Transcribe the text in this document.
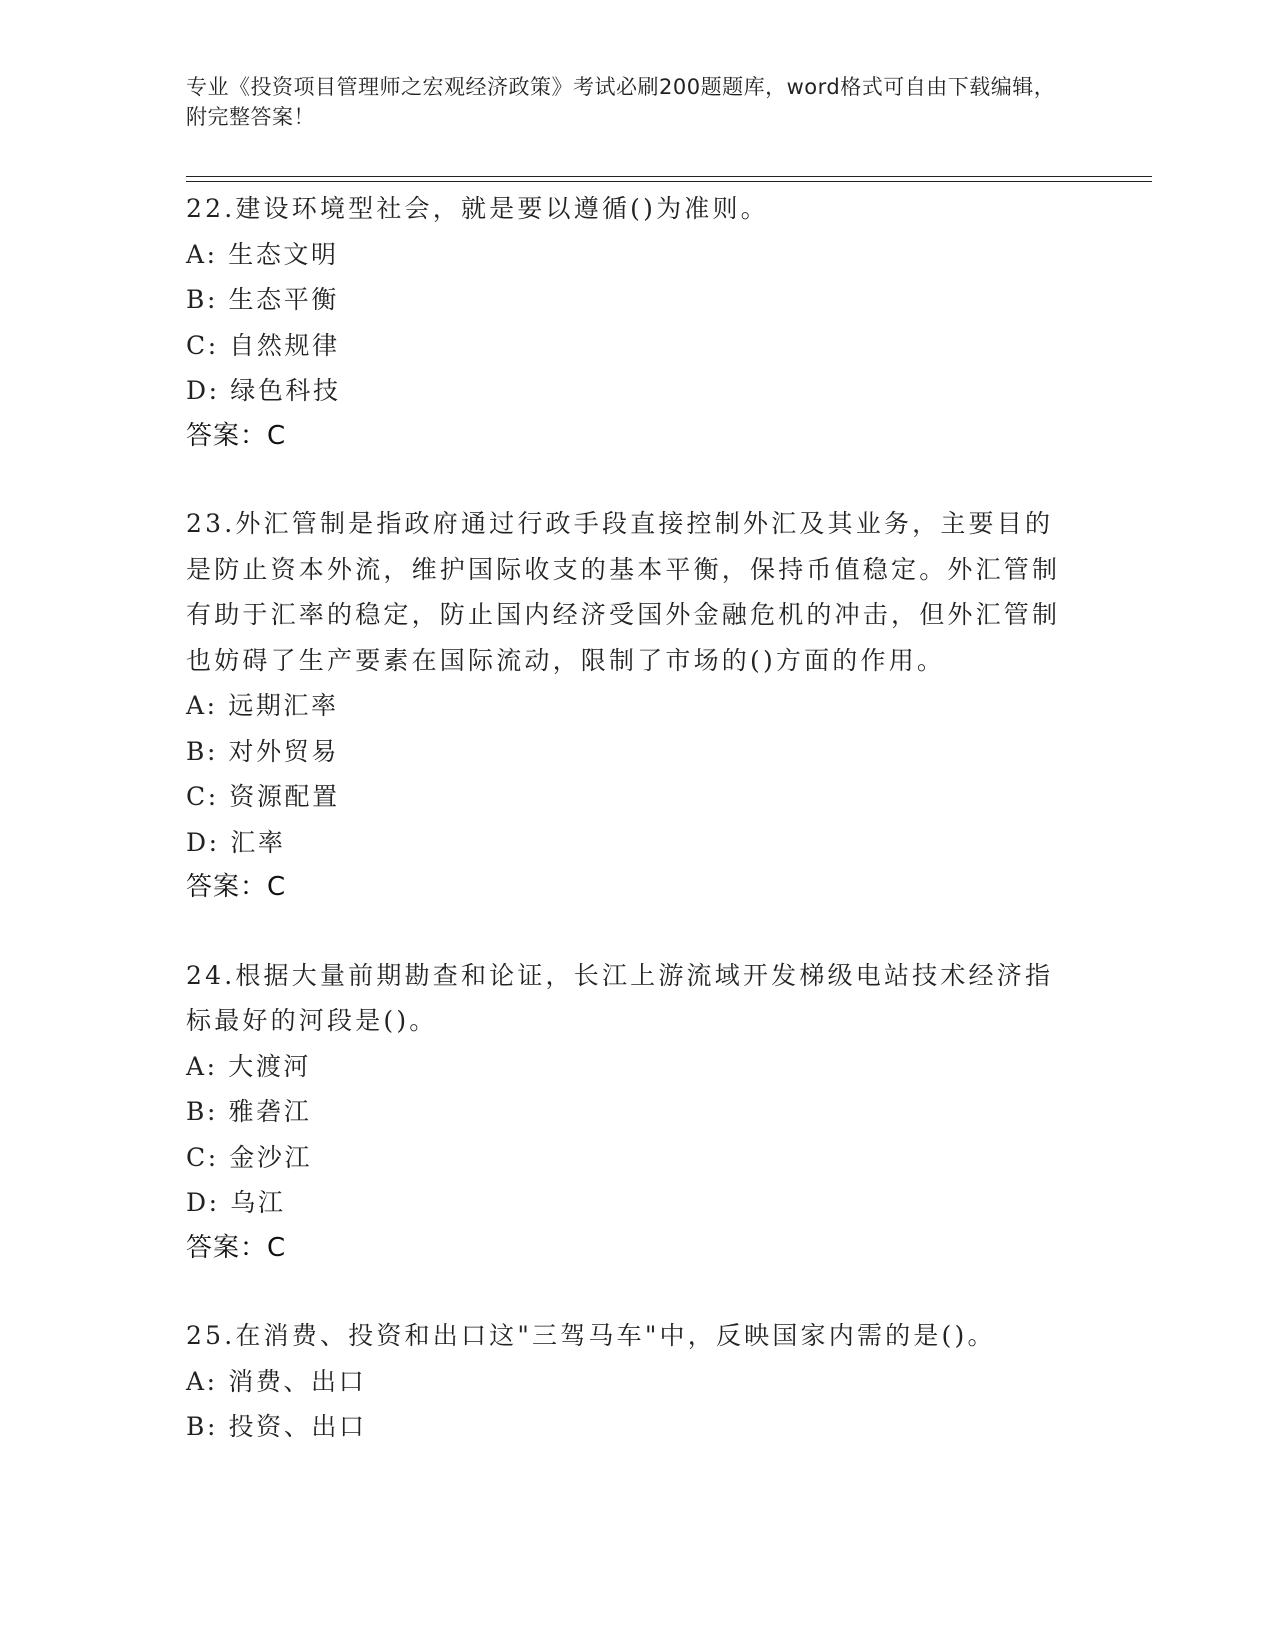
专业《投资项目管理师之宏观经济政策》考试必刷200题题库，word格式可自由下载编辑，附完整答案！
22.建设环境型社会，就是要以遵循()为准则。
A: 生态文明
B: 生态平衡
C: 自然规律
D: 绿色科技
答案：C
23.外汇管制是指政府通过行政手段直接控制外汇及其业务，主要目的是防止资本外流，维护国际收支的基本平衡，保持币值稳定。外汇管制有助于汇率的稳定，防止国内经济受国外金融危机的冲击，但外汇管制也妨碍了生产要素在国际流动，限制了市场的()方面的作用。
A: 远期汇率
B: 对外贸易
C: 资源配置
D: 汇率
答案：C
24.根据大量前期勘查和论证，长江上游流域开发梯级电站技术经济指标最好的河段是()。
A: 大渡河
B: 雅砻江
C: 金沙江
D: 乌江
答案：C
25.在消费、投资和出口这"三驾马车"中，反映国家内需的是()。
A: 消费、出口
B: 投资、出口
